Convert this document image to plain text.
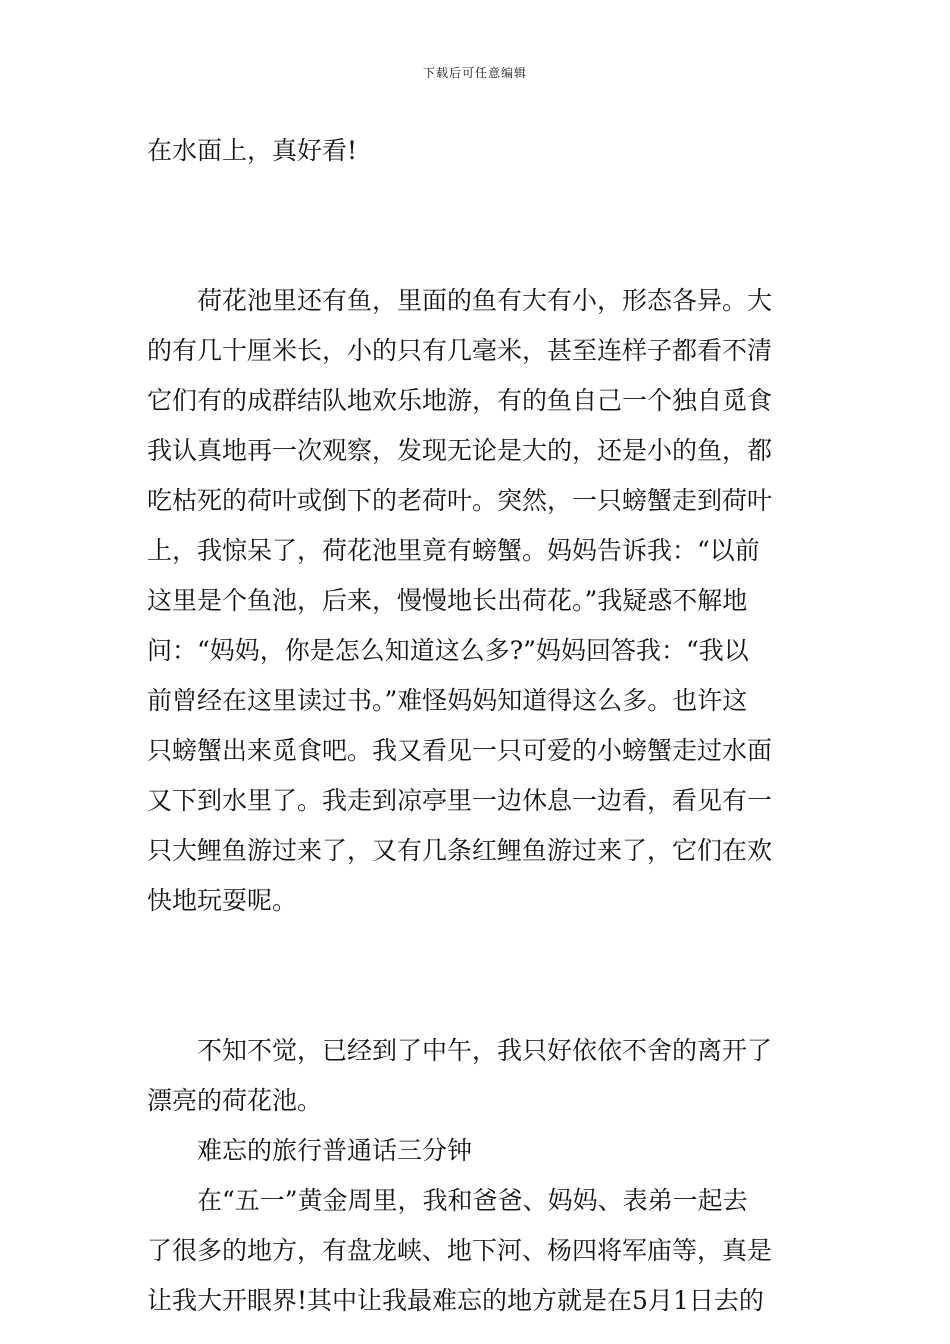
下载后可任意编辑
在水面上，真好看!
荷花池里还有鱼，里面的鱼有大有小，形态各异。大
的有几十厘米长，小的只有几毫米，甚至连样子都看不清
它们有的成群结队地欢乐地游，有的鱼自己一个独自觅食
我认真地再一次观察，发现无论是大的，还是小的鱼，都
吃枯死的荷叶或倒下的老荷叶。突然，一只螃蟹走到荷叶
上，我惊呆了，荷花池里竟有螃蟹。妈妈告诉我：“以前
这里是个鱼池，后来，慢慢地长出荷花。”我疑惑不解地
问：“妈妈，你是怎么知道这么多?”妈妈回答我：“我以
前曾经在这里读过书。”难怪妈妈知道得这么多。也许这
只螃蟹出来觅食吧。我又看见一只可爱的小螃蟹走过水面
又下到水里了。我走到凉亭里一边休息一边看，看见有一
只大鲤鱼游过来了，又有几条红鲤鱼游过来了，它们在欢
快地玩耍呢。
不知不觉，已经到了中午，我只好依依不舍的离开了
漂亮的荷花池。
难忘的旅行普通话三分钟
在“五一”黄金周里，我和爸爸、妈妈、表弟一起去
了很多的地方，有盘龙峡、地下河、杨四将军庙等，真是
让我大开眼界!其中让我最难忘的地方就是在5月1日去的
